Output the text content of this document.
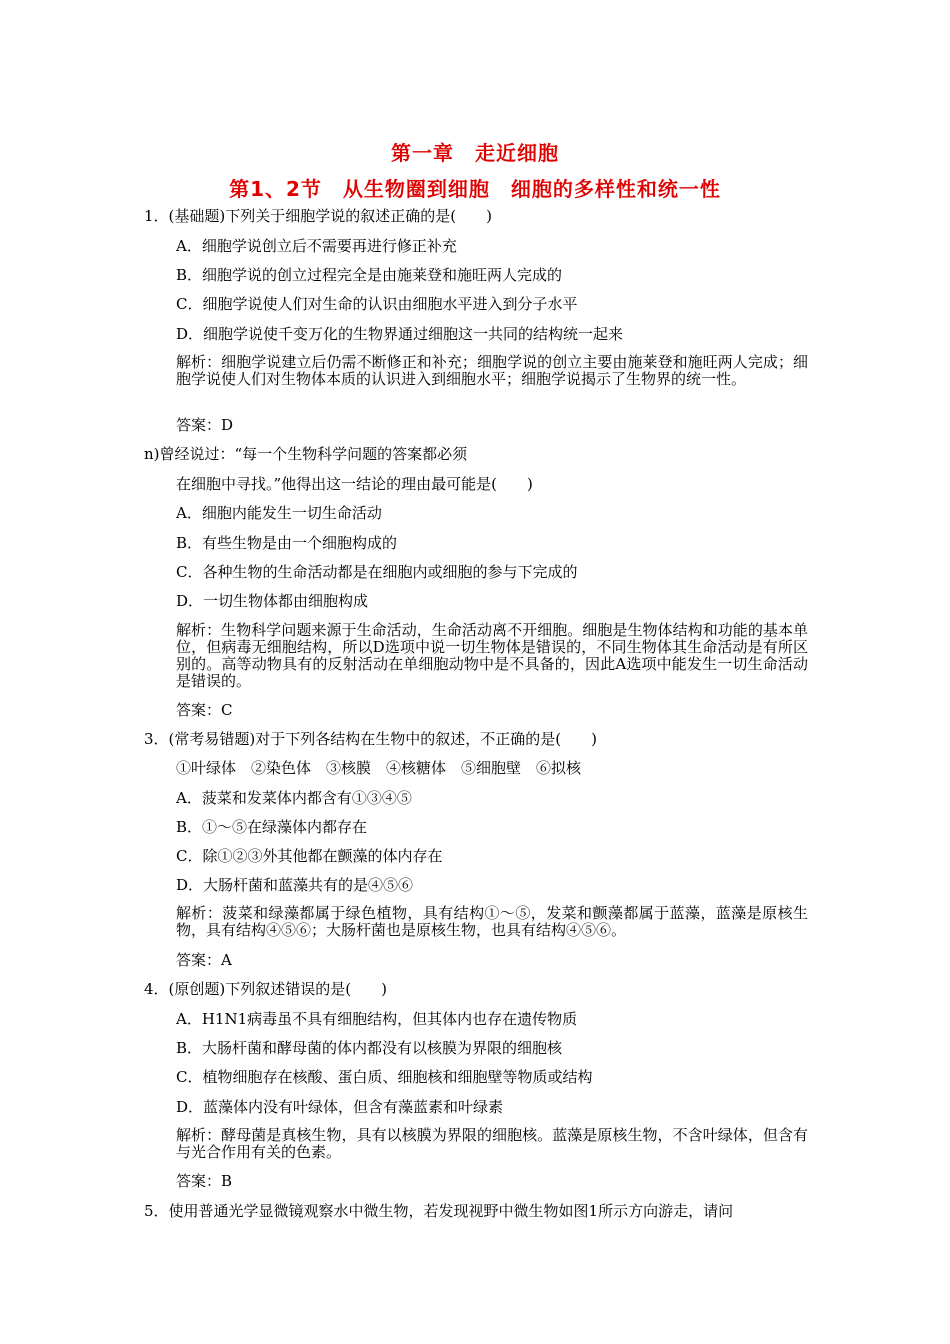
第一章　走近细胞
第1、2节　从生物圈到细胞　细胞的多样性和统一性
1．(基础题)下列关于细胞学说的叙述正确的是(　　)
A．细胞学说创立后不需要再进行修正补充
B．细胞学说的创立过程完全是由施莱登和施旺两人完成的
C．细胞学说使人们对生命的认识由细胞水平进入到分子水平
D．细胞学说使千变万化的生物界通过细胞这一共同的结构统一起来
解析：细胞学说建立后仍需不断修正和补充；细胞学说的创立主要由施莱登和施旺两人完成；细胞学说使人们对生物体本质的认识进入到细胞水平；细胞学说揭示了生物界的统一性。
答案：D
n)曾经说过：“每一个生物科学问题的答案都必须
在细胞中寻找。”他得出这一结论的理由最可能是(　　)
A．细胞内能发生一切生命活动
B．有些生物是由一个细胞构成的
C．各种生物的生命活动都是在细胞内或细胞的参与下完成的
D．一切生物体都由细胞构成
解析：生物科学问题来源于生命活动，生命活动离不开细胞。细胞是生物体结构和功能的基本单位，但病毒无细胞结构，所以D选项中说一切生物体是错误的，不同生物体其生命活动是有所区别的。高等动物具有的反射活动在单细胞动物中是不具备的，因此A选项中能发生一切生命活动是错误的。
答案：C
3．(常考易错题)对于下列各结构在生物中的叙述，不正确的是(　　)
①叶绿体　②染色体　③核膜　④核糖体　⑤细胞壁　⑥拟核
A．菠菜和发菜体内都含有①③④⑤
B．①～⑤在绿藻体内都存在
C．除①②③外其他都在颤藻的体内存在
D．大肠杆菌和蓝藻共有的是④⑤⑥
解析：菠菜和绿藻都属于绿色植物，具有结构①～⑤，发菜和颤藻都属于蓝藻，蓝藻是原核生物，具有结构④⑤⑥；大肠杆菌也是原核生物，也具有结构④⑤⑥。
答案：A
4．(原创题)下列叙述错误的是(　　)
A．H1N1病毒虽不具有细胞结构，但其体内也存在遗传物质
B．大肠杆菌和酵母菌的体内都没有以核膜为界限的细胞核
C．植物细胞存在核酸、蛋白质、细胞核和细胞壁等物质或结构
D．蓝藻体内没有叶绿体，但含有藻蓝素和叶绿素
解析：酵母菌是真核生物，具有以核膜为界限的细胞核。蓝藻是原核生物，不含叶绿体，但含有与光合作用有关的色素。
答案：B
5．使用普通光学显微镜观察水中微生物，若发现视野中微生物如图1所示方向游走，请问
